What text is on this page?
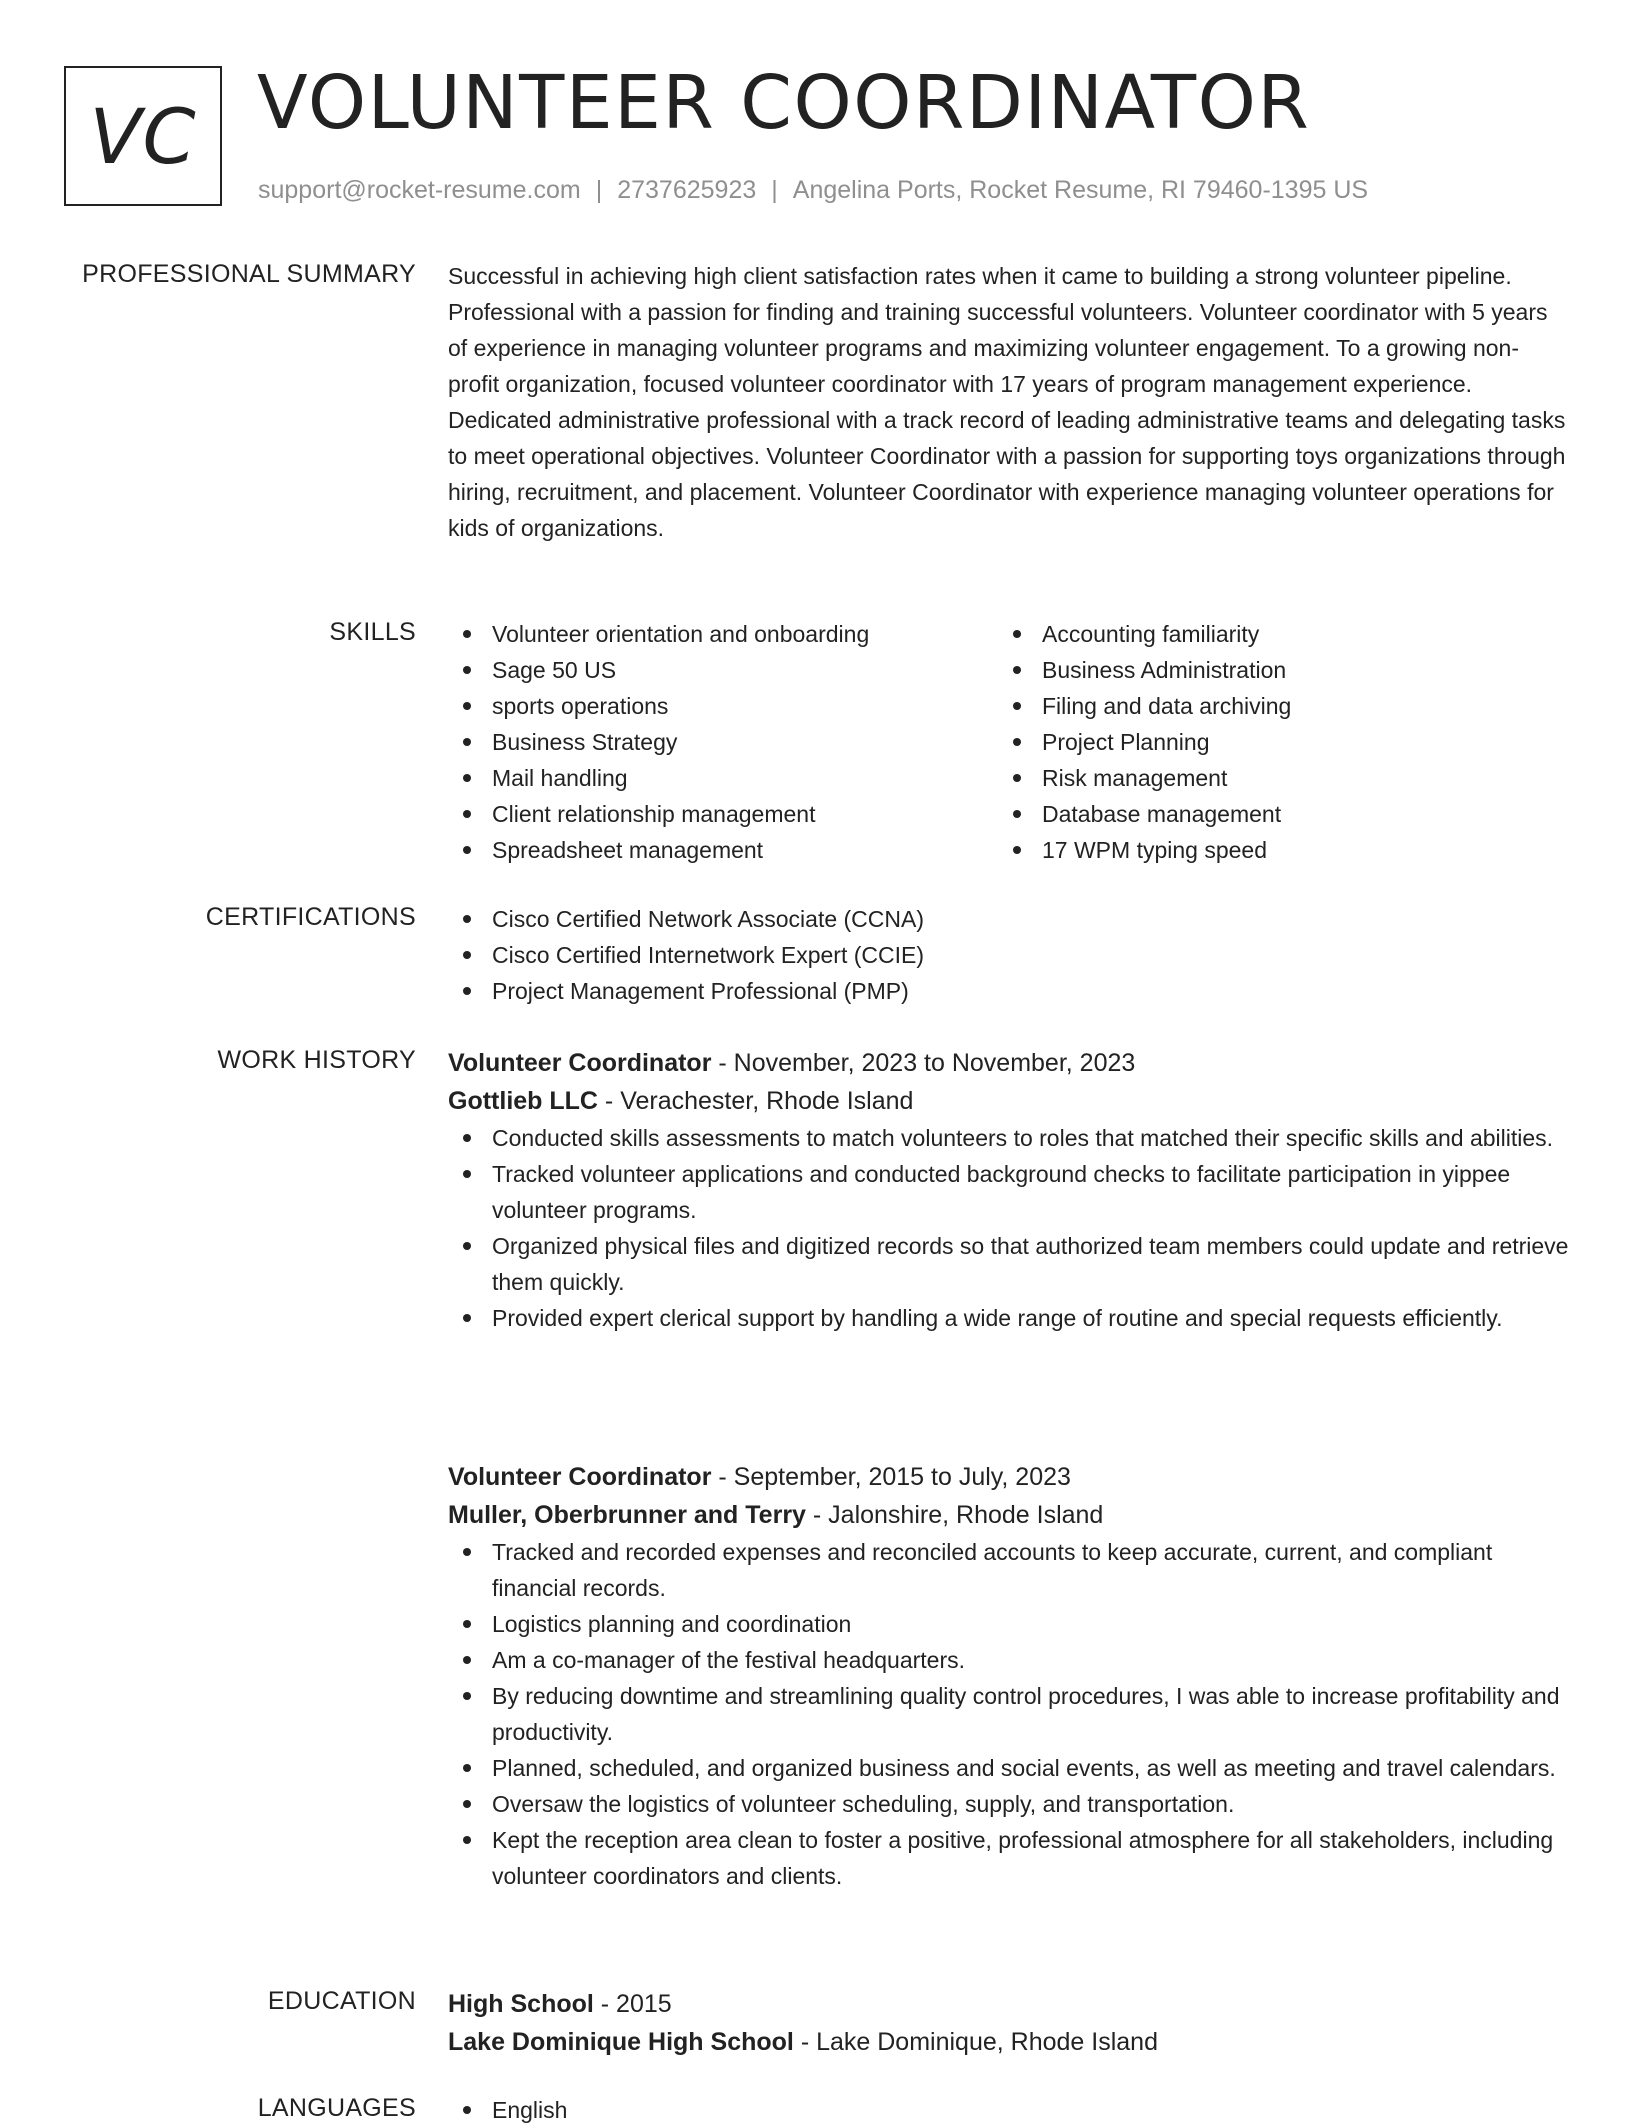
VC VOLUNTEER COORDINATOR
support@rocket-resume.com | 2737625923 | Angelina Ports, Rocket Resume, RI 79460-1395 US
PROFESSIONAL SUMMARY Successful in achieving high client satisfaction rates when it came to building a strong volunteer pipeline. Professional with a passion for finding and training successful volunteers. Volunteer coordinator with 5 years of experience in managing volunteer programs and maximizing volunteer engagement. To a growing non-profit organization, focused volunteer coordinator with 17 years of program management experience. Dedicated administrative professional with a track record of leading administrative teams and delegating tasks to meet operational objectives. Volunteer Coordinator with a passion for supporting toys organizations through hiring, recruitment, and placement. Volunteer Coordinator with experience managing volunteer operations for kids of organizations.

SKILLS	Volunteer orientation and onboarding
Sage 50 US
sports operations
Business Strategy
Mail handling
Client relationship management
Spreadsheet management
Accounting familiarity
Business Administration
Filing and data archiving
Project Planning
Risk management
Database management
17 WPM typing speed
CERTIFICATIONS	Cisco Certified Network Associate (CCNA)
Cisco Certified Internetwork Expert (CCIE)
Project Management Professional (PMP)
WORK HISTORY Volunteer Coordinator - November, 2023 to November, 2023
Gottlieb LLC - Verachester, Rhode Island
Conducted skills assessments to match volunteers to roles that matched their specific skills and abilities.
Tracked volunteer applications and conducted background checks to facilitate participation in yippee volunteer programs.
Organized physical files and digitized records so that authorized team members could update and retrieve them quickly.
Provided expert clerical support by handling a wide range of routine and special requests efficiently.
Volunteer Coordinator - September, 2015 to July, 2023
Muller, Oberbrunner and Terry - Jalonshire, Rhode Island
Tracked and recorded expenses and reconciled accounts to keep accurate, current, and compliant financial records.
Logistics planning and coordination
Am a co-manager of the festival headquarters.
By reducing downtime and streamlining quality control procedures, I was able to increase profitability and productivity.
Planned, scheduled, and organized business and social events, as well as meeting and travel calendars.
Oversaw the logistics of volunteer scheduling, supply, and transportation.
Kept the reception area clean to foster a positive, professional atmosphere for all stakeholders, including volunteer coordinators and clients.
EDUCATION High School - 2015
Lake Dominique High School - Lake Dominique, Rhode Island
LANGUAGES	English
